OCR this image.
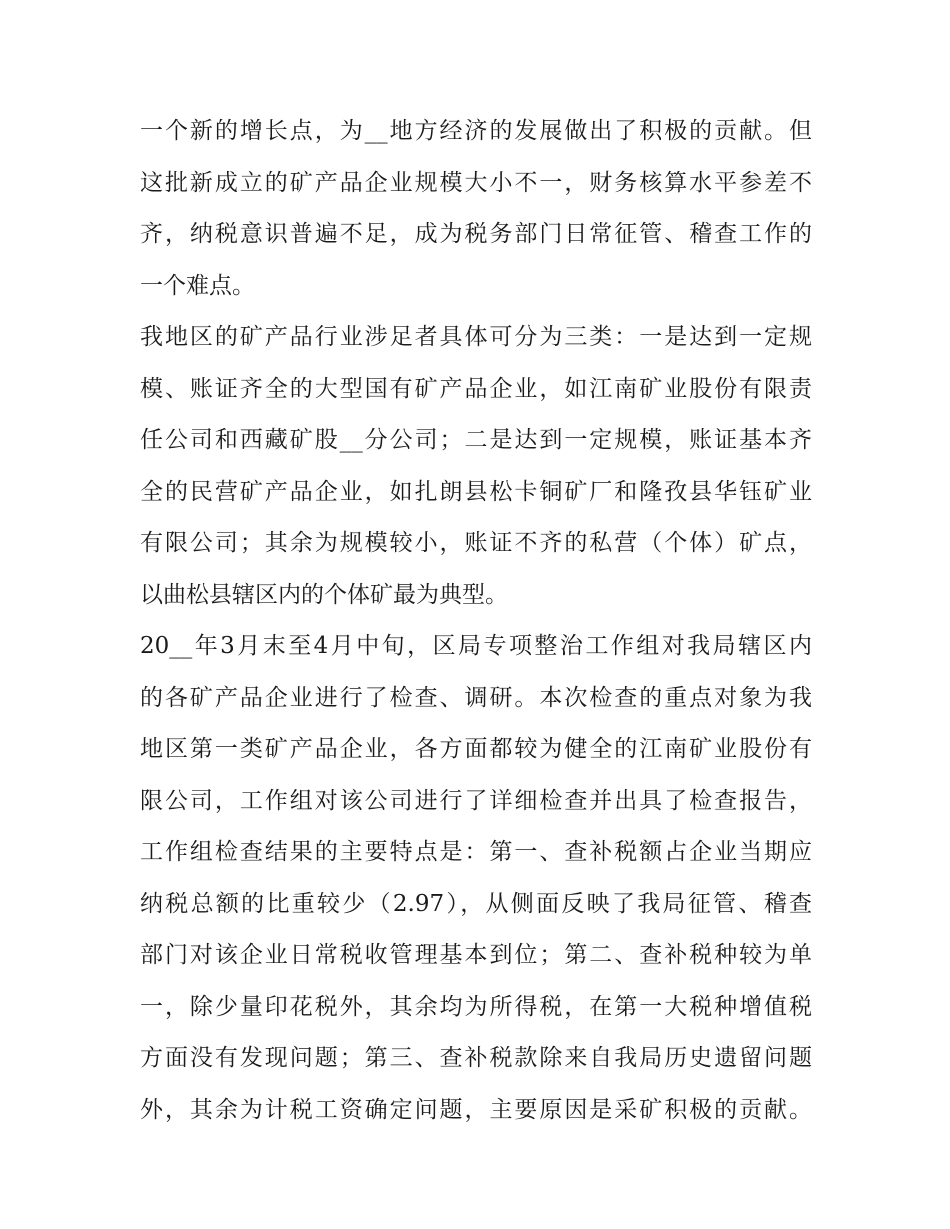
一个新的增长点，为__地方经济的发展做出了积极的贡献。但
这批新成立的矿产品企业规模大小不一，财务核算水平参差不
齐，纳税意识普遍不足，成为税务部门日常征管、稽查工作的
一个难点。
我地区的矿产品行业涉足者具体可分为三类：一是达到一定规
模、账证齐全的大型国有矿产品企业，如江南矿业股份有限责
任公司和西藏矿股__分公司；二是达到一定规模，账证基本齐
全的民营矿产品企业，如扎朗县松卡铜矿厂和隆孜县华钰矿业
有限公司；其余为规模较小，账证不齐的私营（个体）矿点，
以曲松县辖区内的个体矿最为典型。
20__年3月末至4月中旬，区局专项整治工作组对我局辖区内
的各矿产品企业进行了检查、调研。本次检查的重点对象为我
地区第一类矿产品企业，各方面都较为健全的江南矿业股份有
限公司，工作组对该公司进行了详细检查并出具了检查报告，
工作组检查结果的主要特点是：第一、查补税额占企业当期应
纳税总额的比重较少（2.97），从侧面反映了我局征管、稽查
部门对该企业日常税收管理基本到位；第二、查补税种较为单
一，除少量印花税外，其余均为所得税，在第一大税种增值税
方面没有发现问题；第三、查补税款除来自我局历史遗留问题
外，其余为计税工资确定问题，主要原因是采矿积极的贡献。
